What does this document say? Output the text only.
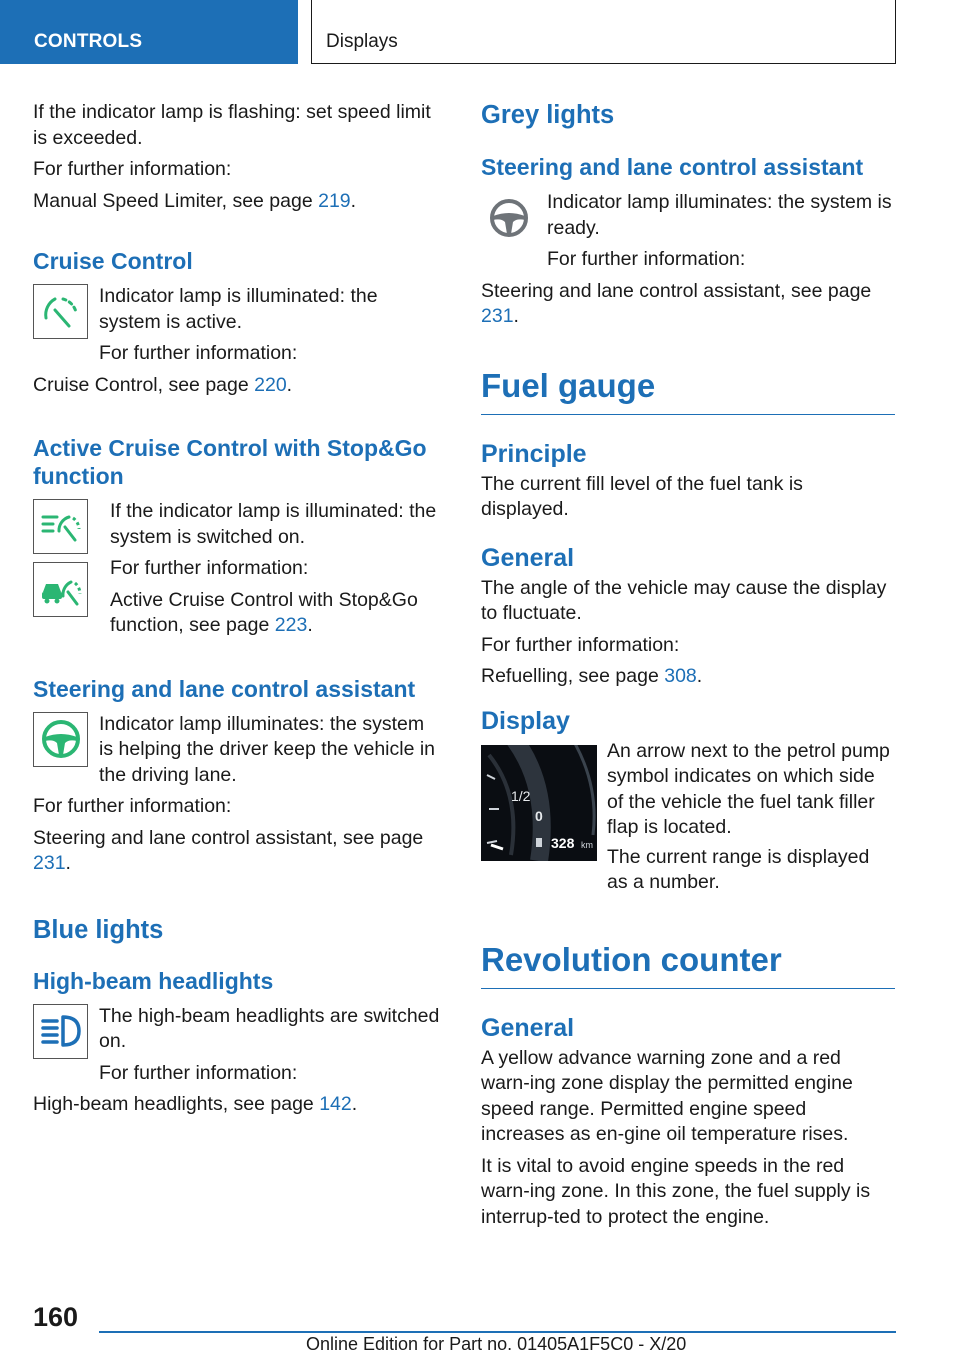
CONTROLS	Displays

If the indicator lamp is flashing: set speed limit is exceeded.

For further information:

Manual Speed Limiter, see page 219.

Cruise Control

Indicator lamp is illuminated: the system is active.

For further information:

Cruise Control, see page 220.

Active Cruise Control with Stop&Go function

If the indicator lamp is illuminated: the system is switched on.

For further information:

Active Cruise Control with Stop&Go function, see page 223.

Steering and lane control assistant

Indicator lamp illuminates: the system is helping the driver keep the vehicle in the driving lane.

For further information:

Steering and lane control assistant, see page 231.

Blue lights
High-beam headlights

The high-beam headlights are switched on.

For further information:

High-beam headlights, see page 142.

Grey lights
Steering and lane control assistant

Indicator lamp illuminates: the system is ready.

For further information:

Steering and lane control assistant, see page 231.

Fuel gauge
Principle

The current fill level of the fuel tank is displayed.

General

The angle of the vehicle may cause the display to fluctuate.

For further information:

Refuelling, see page 308.

Display
1/2
0
328 km

An arrow next to the petrol pump symbol indicates on which side of the vehicle the fuel tank filler flap is located.

The current range is displayed as a number.

Revolution counter
General

A yellow advance warning zone and a red warn-ing zone display the permitted engine speed range. Permitted engine speed increases as en-gine oil temperature rises.

It is vital to avoid engine speeds in the red warn-ing zone. In this zone, the fuel supply is interrup-ted to protect the engine.

160
Online Edition for Part no. 01405A1F5C0 - X/20
